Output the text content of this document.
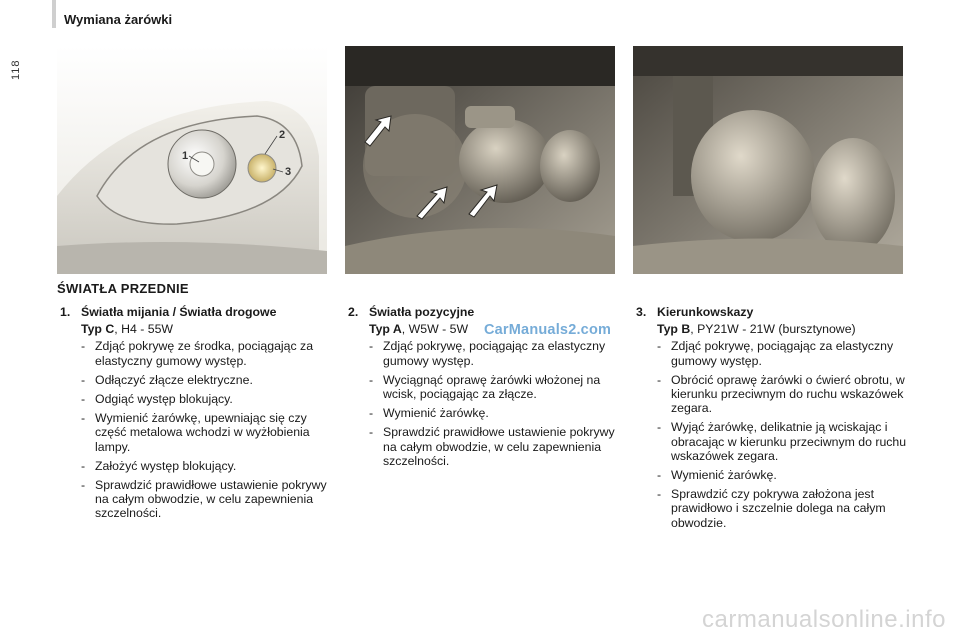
118
Wymiana żarówki
1
2
3
ŚWIATŁA PRZEDNIE
1. Światła mijania / Światła drogowe
Typ C, H4 - 55W
- Zdjąć pokrywę ze środka, pociągając za elastyczny gumowy występ.
- Odłączyć złącze elektryczne.
- Odgiąć występ blokujący.
- Wymienić żarówkę, upewniając się czy część metalowa wchodzi w wyżłobienia lampy.
- Założyć występ blokujący.
- Sprawdzić prawidłowe ustawienie pokrywy na całym obwodzie, w celu zapewnienia szczelności.
2. Światła pozycyjne
Typ A, W5W - 5W
- Zdjąć pokrywę, pociągając za elastyczny gumowy występ.
- Wyciągnąć oprawę żarówki włożonej na wcisk, pociągając za złącze.
- Wymienić żarówkę.
- Sprawdzić prawidłowe ustawienie pokrywy na całym obwodzie, w celu zapewnienia szczelności.
3. Kierunkowskazy
Typ B, PY21W - 21W (bursztynowe)
- Zdjąć pokrywę, pociągając za elastyczny gumowy występ.
- Obrócić oprawę żarówki o ćwierć obrotu, w kierunku przeciwnym do ruchu wskazówek zegara.
- Wyjąć żarówkę, delikatnie ją wciskając i obracając w kierunku przeciwnym do ruchu wskazówek zegara.
- Wymienić żarówkę.
- Sprawdzić czy pokrywa założona jest prawidłowo i szczelnie dolega na całym obwodzie.
CarManuals2.com
carmanualsonline.info
